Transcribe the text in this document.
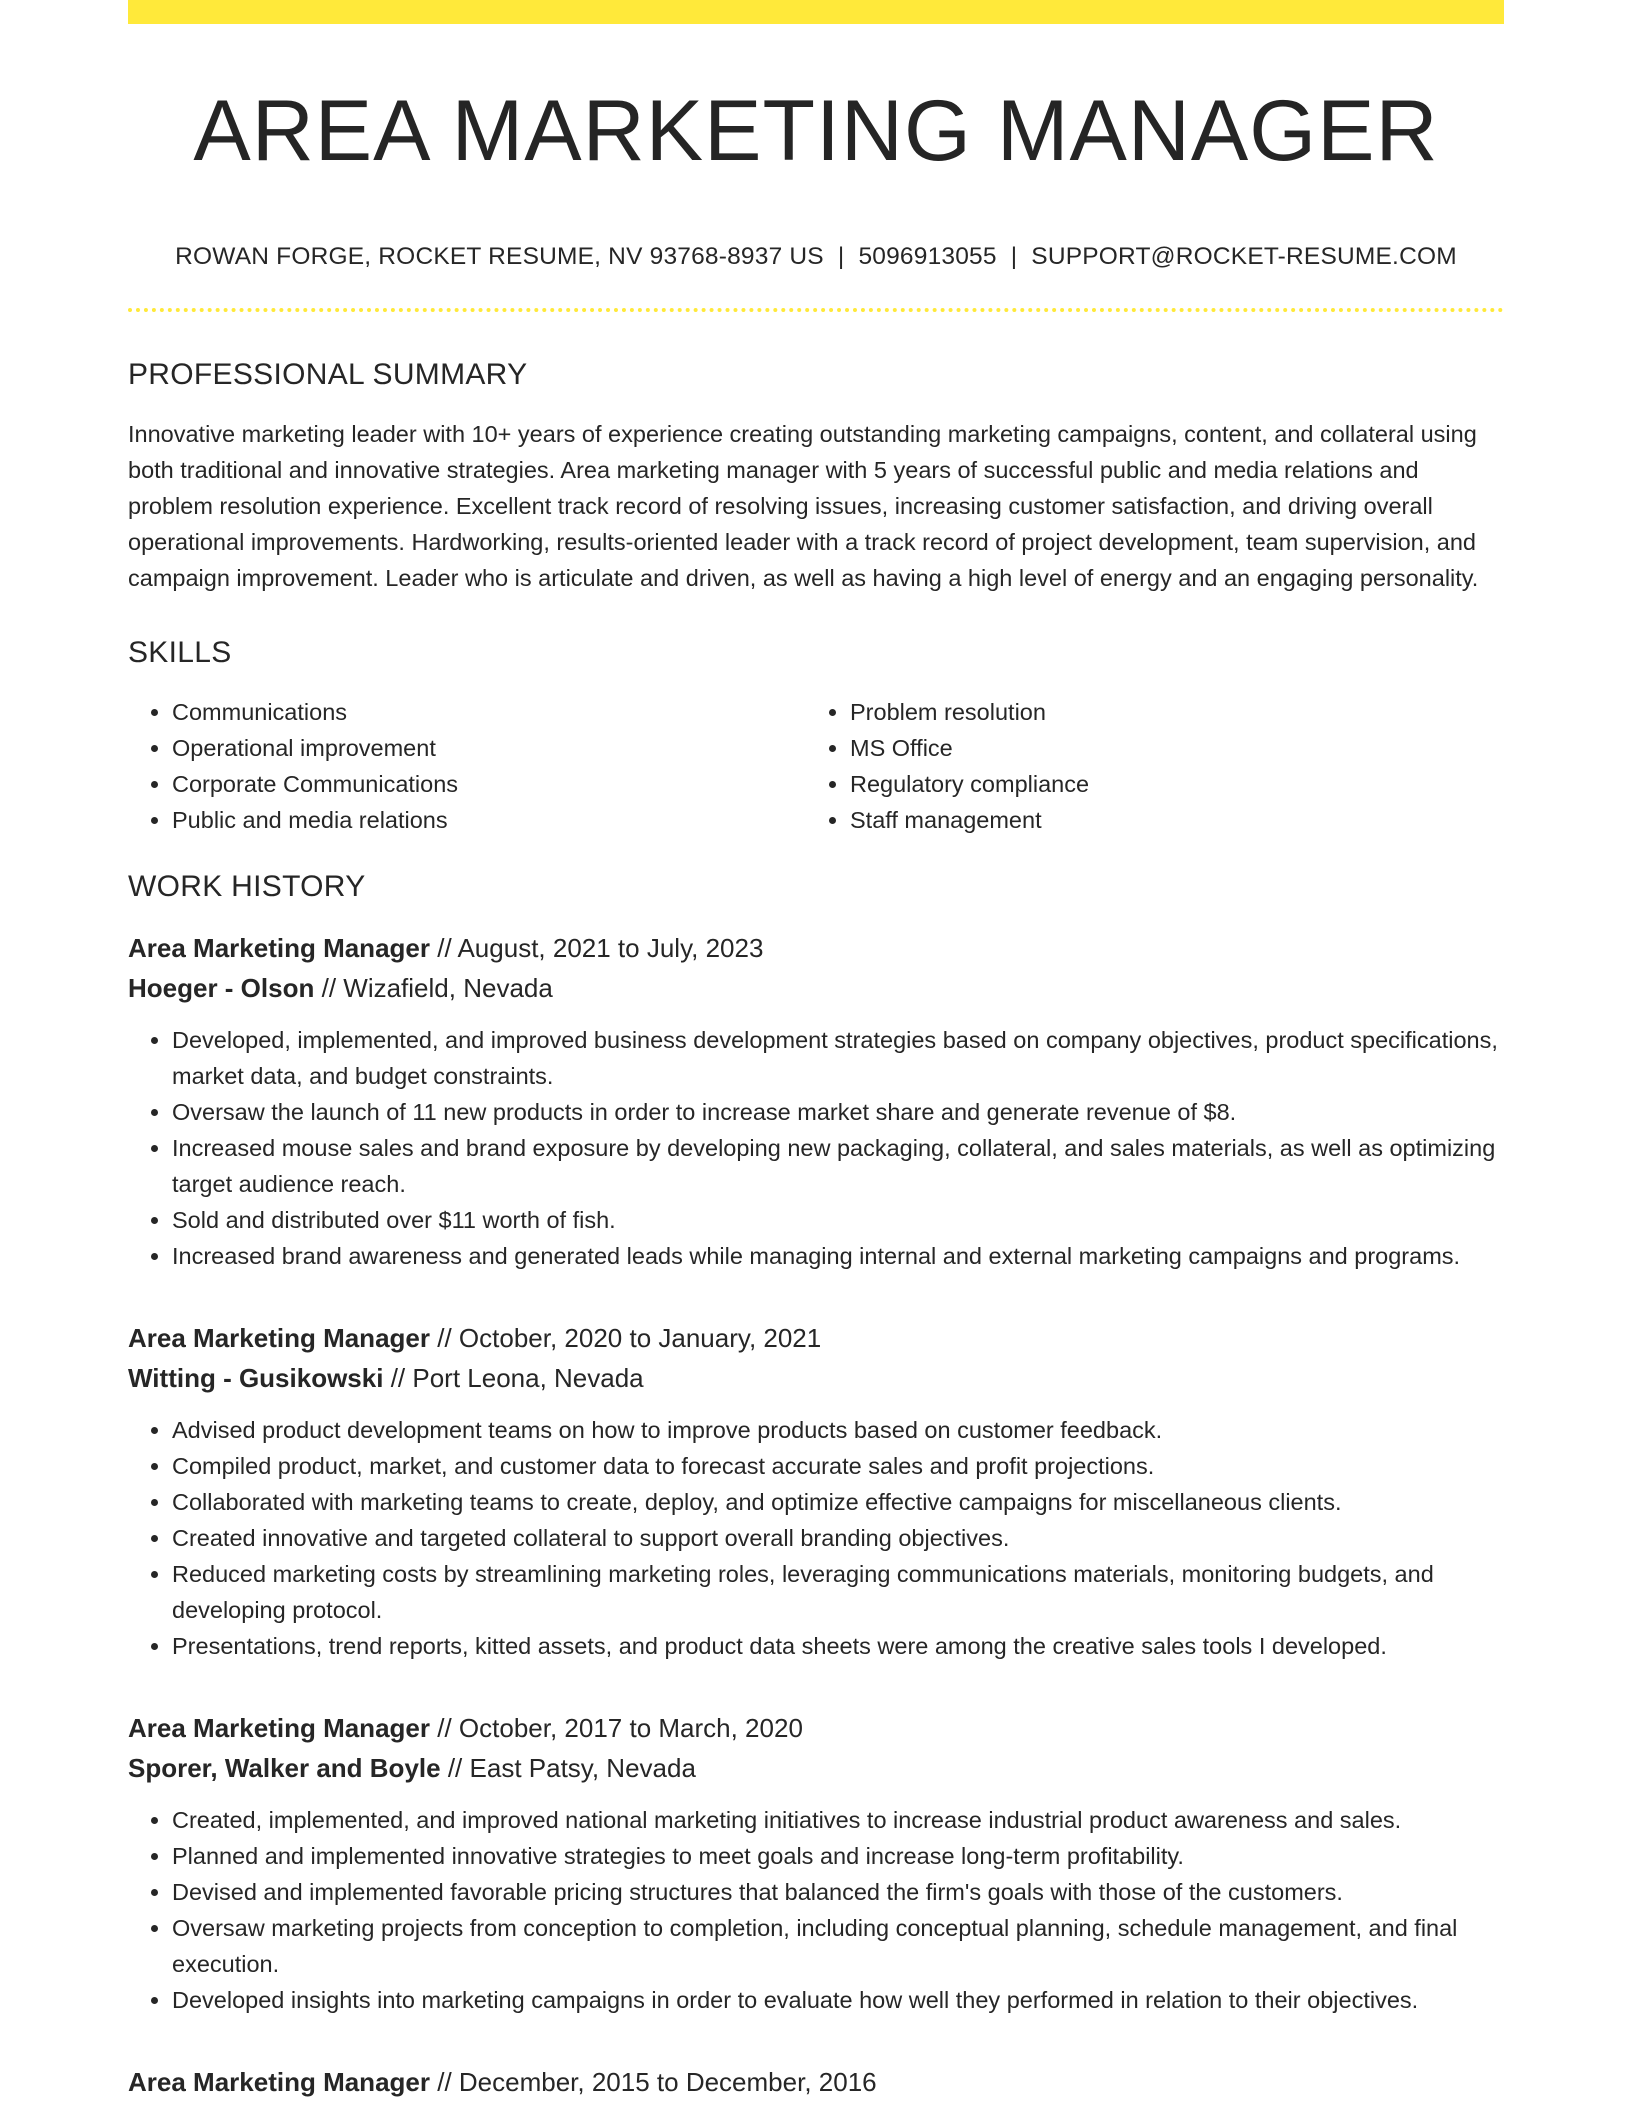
AREA MARKETING MANAGER
ROWAN FORGE, ROCKET RESUME, NV 93768-8937 US | 5096913055 | SUPPORT@ROCKET-RESUME.COM
PROFESSIONAL SUMMARY

Innovative marketing leader with 10+ years of experience creating outstanding marketing campaigns, content, and collateral using both traditional and innovative strategies. Area marketing manager with 5 years of successful public and media relations and problem resolution experience. Excellent track record of resolving issues, increasing customer satisfaction, and driving overall operational improvements. Hardworking, results-oriented leader with a track record of project development, team supervision, and campaign improvement. Leader who is articulate and driven, as well as having a high level of energy and an engaging personality.

SKILLS
• Communications
• Operational improvement
• Corporate Communications
• Public and media relations
• Problem resolution
• MS Office
• Regulatory compliance
• Staff management
WORK HISTORY
Area Marketing Manager // August, 2021 to July, 2023
Hoeger - Olson // Wizafield, Nevada
• Developed, implemented, and improved business development strategies based on company objectives, product specifications, market data, and budget constraints.
• Oversaw the launch of 11 new products in order to increase market share and generate revenue of $8.
• Increased mouse sales and brand exposure by developing new packaging, collateral, and sales materials, as well as optimizing target audience reach.
• Sold and distributed over $11 worth of fish.
• Increased brand awareness and generated leads while managing internal and external marketing campaigns and programs.
Area Marketing Manager // October, 2020 to January, 2021
Witting - Gusikowski // Port Leona, Nevada
• Advised product development teams on how to improve products based on customer feedback.
• Compiled product, market, and customer data to forecast accurate sales and profit projections.
• Collaborated with marketing teams to create, deploy, and optimize effective campaigns for miscellaneous clients.
• Created innovative and targeted collateral to support overall branding objectives.
• Reduced marketing costs by streamlining marketing roles, leveraging communications materials, monitoring budgets, and developing protocol.
• Presentations, trend reports, kitted assets, and product data sheets were among the creative sales tools I developed.
Area Marketing Manager // October, 2017 to March, 2020
Sporer, Walker and Boyle // East Patsy, Nevada
• Created, implemented, and improved national marketing initiatives to increase industrial product awareness and sales.
• Planned and implemented innovative strategies to meet goals and increase long-term profitability.
• Devised and implemented favorable pricing structures that balanced the firm's goals with those of the customers.
• Oversaw marketing projects from conception to completion, including conceptual planning, schedule management, and final execution.
• Developed insights into marketing campaigns in order to evaluate how well they performed in relation to their objectives.
Area Marketing Manager // December, 2015 to December, 2016
